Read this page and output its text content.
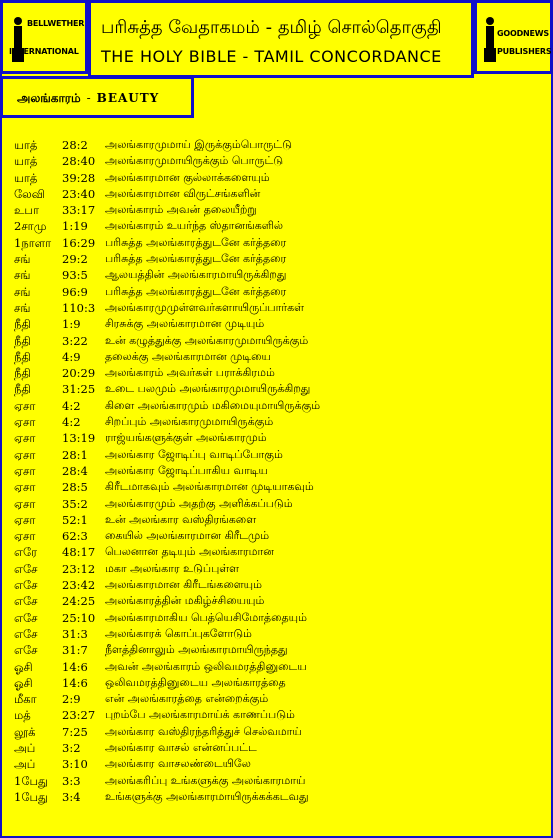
BELLWETHER
INTERNATIONAL
பரிசுத்த வேதாகமம் - தமிழ் சொல்தொகுதி
THE HOLY BIBLE - TAMIL CONCORDANCE
GOODNEWS
PUBLISHERS
அலங்காரம் - BEAUTY
யாத் 28:2 அலங்காரமுமாய் இருக்கும்பொருட்டு
யாத் 28:40 அலங்காரமுமாயிருக்கும் பொருட்டு
யாத் 39:28 அலங்காரமான குல்லாக்களையும்
லேவி 23:40 அலங்காரமான விருட்சங்களின்
உபா 33:17 அலங்காரம் அவன் தலையீற்று
2சாமு 1:19 அலங்காரம் உயர்ந்த ஸ்தானங்களில்
1நாளா 16:29 பரிசுத்த அலங்காரத்துடனே கர்த்தரை
சங்	29:2 பரிசுத்த அலங்காரத்துடனே கர்த்தரை
சங்	93:5 ஆலயத்தின் அலங்காரமாயிருக்கிறது
சங்	96:9 பரிசுத்த அலங்காரத்துடனே கர்த்தரை
சங்	110:3 அலங்காரமுமுள்ளவர்களாயிருப்பார்கள்
நீதி	1:9 சிரசுக்கு அலங்காரமான முடியும்
நீதி	3:22 உன் கழுத்துக்கு அலங்காரமுமாயிருக்கும்
நீதி	4:9 தலைக்கு அலங்காரமான முடியை
நீதி	20:29 அலங்காரம் அவர்கள் பராக்கிரமம்
நீதி	31:25 உடை பலமும் அலங்காரமுமாயிருக்கிறது
ஏசா 4:2 கிளை அலங்காரமும் மகிமையுமாயிருக்கும்
ஏசா 4:2 சிறப்பும் அலங்காரமுமாயிருக்கும்
ஏசா 13:19 ராஜ்யங்களுக்குள் அலங்காரமும்
ஏசா 28:1 அலங்கார ஜோடிப்பு வாடிப்போகும்
ஏசா 28:4 அலங்கார ஜோடிப்பாகிய வாடிய
ஏசா 28:5 கிரீடமாகவும் அலங்காரமான முடியாகவும்
ஏசா 35:2 அலங்காரமும் அதற்கு அளிக்கப்படும்
ஏசா 52:1 உன் அலங்கார வஸ்திரங்களை
ஏசா 62:3 கையில் அலங்காரமான கிரீடமும்
எரே 48:17 பெலனான தடியும் அலங்காரமான
எசே 23:12 மகா அலங்கார உடுப்புள்ள
எசே 23:42 அலங்காரமான கிரீடங்களையும்
எசே 24:25 அலங்காரத்தின் மகிழ்ச்சியையும்
எசே 25:10 அலங்காரமாகிய பெத்யெசிமோத்தையும்
எசே 31:3 அலங்காரக் கொப்புகளோடும்
எசே 31:7 நீளத்தினாலும் அலங்காரமாயிருந்தது
ஓசி	14:6 அவன் அலங்காரம் ஒலிவமரத்தினுடைய
ஓசி	14:6 ஒலிவமரத்தினுடைய அலங்காரத்தை
மீகா 2:9 என் அலங்காரத்தை என்றைக்கும்
மத்	23:27 புறம்பே அலங்காரமாய்க் காணப்படும்
லூக் 7:25 அலங்கார வஸ்திரந்தரித்துச் செல்வமாய்
அப் 3:2 அலங்கார வாசல் என்னப்பட்ட
அப் 3:10 அலங்கார வாசலண்டையிலே
1பேது 3:3 அலங்கரிப்பு உங்களுக்கு அலங்காரமாய்
1பேது 3:4 உங்களுக்கு அலங்காரமாயிருக்கக்கடவது
